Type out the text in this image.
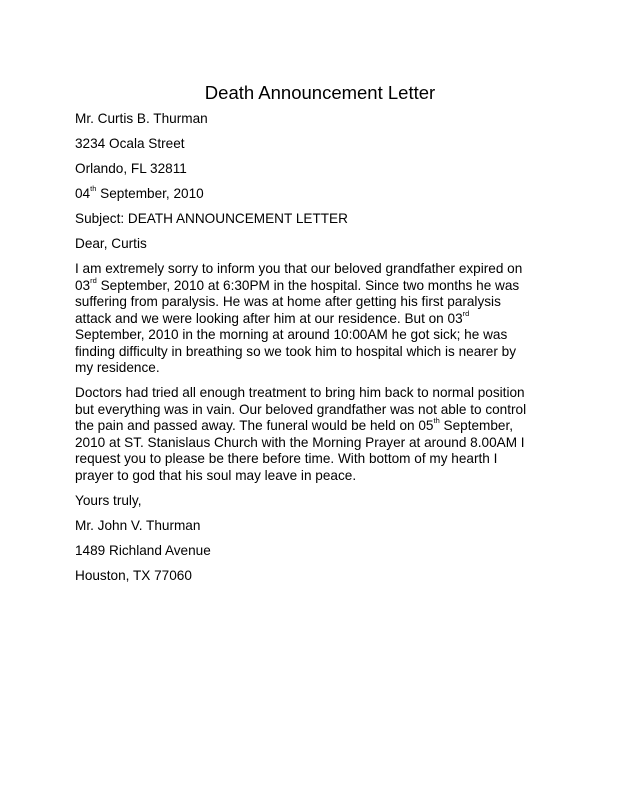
Death Announcement Letter
Mr. Curtis B. Thurman
3234 Ocala Street
Orlando, FL 32811
04th September, 2010
Subject: DEATH ANNOUNCEMENT LETTER
Dear, Curtis

I am extremely sorry to inform you that our beloved grandfather expired on

03rd September, 2010 at 6:30PM in the hospital. Since two months he was

suffering from paralysis. He was at home after getting his first paralysis

attack and we were looking after him at our residence. But on 03rd

September, 2010 in the morning at around 10:00AM he got sick; he was

finding difficulty in breathing so we took him to hospital which is nearer by

my residence.

Doctors had tried all enough treatment to bring him back to normal position

but everything was in vain. Our beloved grandfather was not able to control

the pain and passed away. The funeral would be held on 05th September,

2010 at ST. Stanislaus Church with the Morning Prayer at around 8.00AM I

request you to please be there before time. With bottom of my hearth I

prayer to god that his soul may leave in peace.

Yours truly,
Mr. John V. Thurman
1489 Richland Avenue
Houston, TX 77060
